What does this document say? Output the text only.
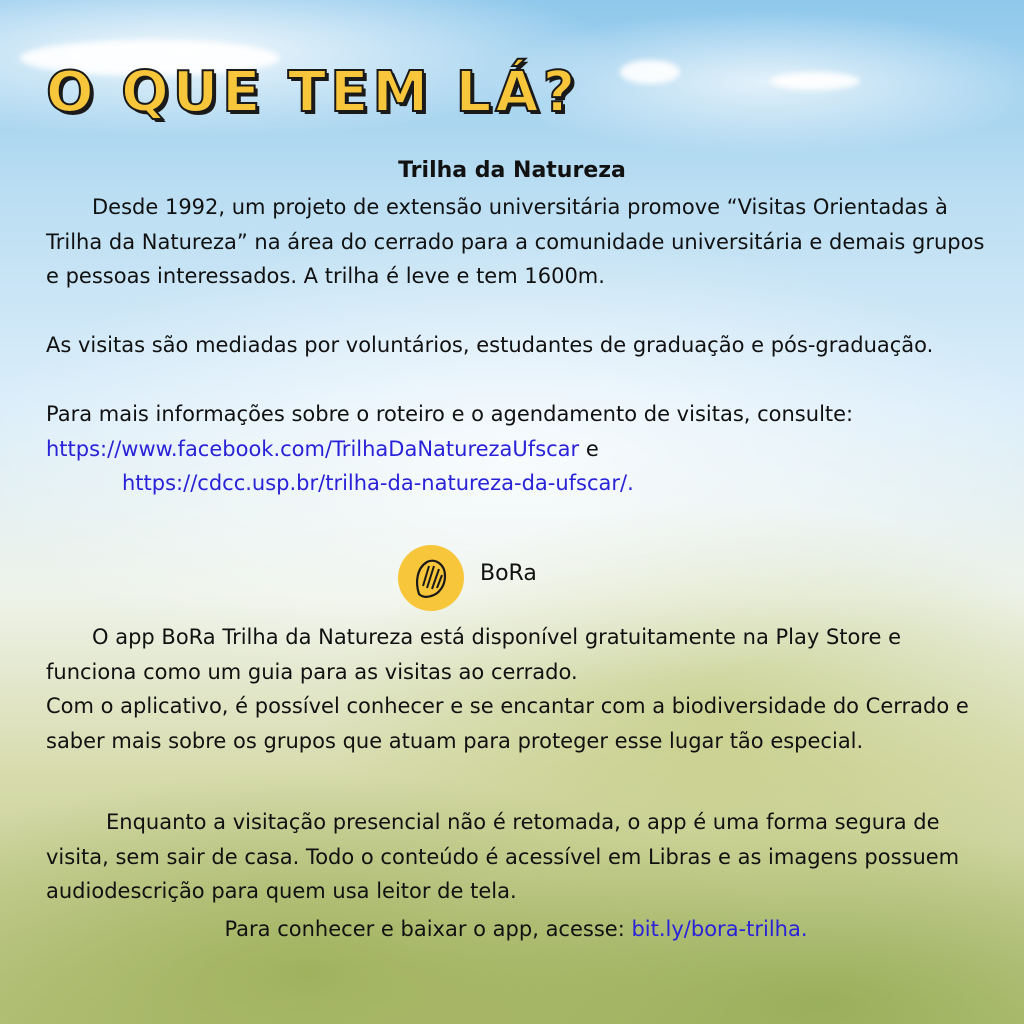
O QUE TEM LÁ?
Trilha da Natureza

Desde 1992, um projeto de extensão universitária promove “Visitas Orientadas à Trilha da Natureza” na área do cerrado para a comunidade universitária e demais grupos e pessoas interessados. A trilha é leve e tem 1600m.

As visitas são mediadas por voluntários, estudantes de graduação e pós-graduação.

Para mais informações sobre o roteiro e o agendamento de visitas, consulte: https://www.facebook.com/TrilhaDaNaturezaUfscar e
https://cdcc.usp.br/trilha-da-natureza-da-ufscar/.

BoRa

O app BoRa Trilha da Natureza está disponível gratuitamente na Play Store e funciona como um guia para as visitas ao cerrado.

Com o aplicativo, é possível conhecer e se encantar com a biodiversidade do Cerrado e saber mais sobre os grupos que atuam para proteger esse lugar tão especial.

Enquanto a visitação presencial não é retomada, o app é uma forma segura de visita, sem sair de casa. Todo o conteúdo é acessível em Libras e as imagens possuem audiodescrição para quem usa leitor de tela.

Para conhecer e baixar o app, acesse: bit.ly/bora-trilha.
